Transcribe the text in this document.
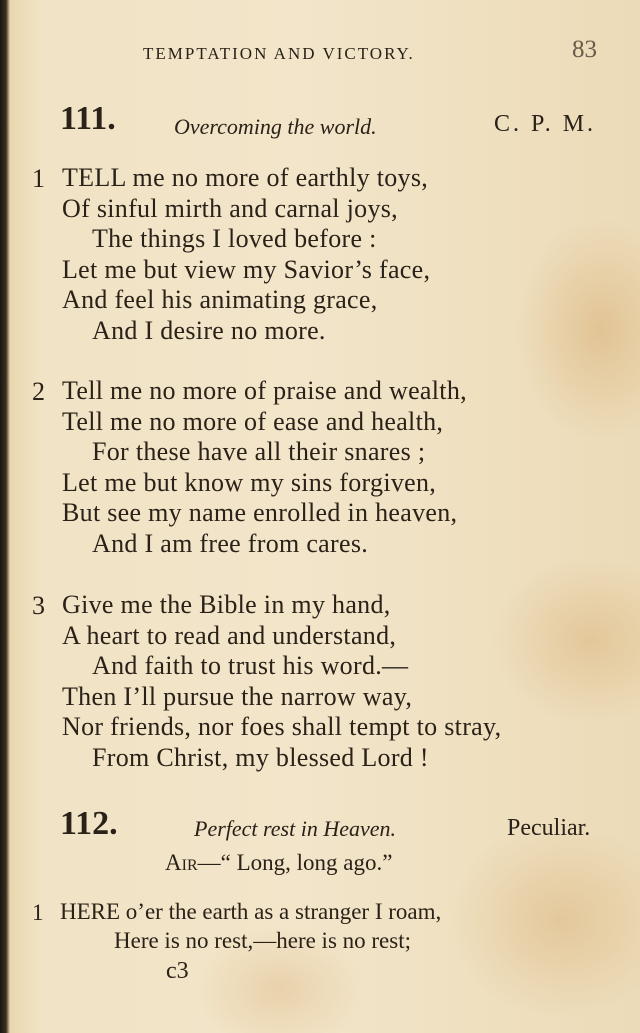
TEMPTATION AND VICTORY.	83
111.	Overcoming the world.	C. P. M.
1 TELL me no more of earthly toys,
Of sinful mirth and carnal joys,
The things I loved before :
Let me but view my Savior’s face,
And feel his animating grace,
And I desire no more.
2 Tell me no more of praise and wealth,
Tell me no more of ease and health,
For these have all their snares ;
Let me but know my sins forgiven,
But see my name enrolled in heaven,
And I am free from cares.
3 Give me the Bible in my hand,
A heart to read and understand,
And faith to trust his word.—
Then I’ll pursue the narrow way,
Nor friends, nor foes shall tempt to stray,
From Christ, my blessed Lord !
112.	Perfect rest in Heaven.	Peculiar.
Air—“ Long, long ago.”
1 HERE o’er the earth as a stranger I roam,
Here is no rest,—here is no rest;
c3
